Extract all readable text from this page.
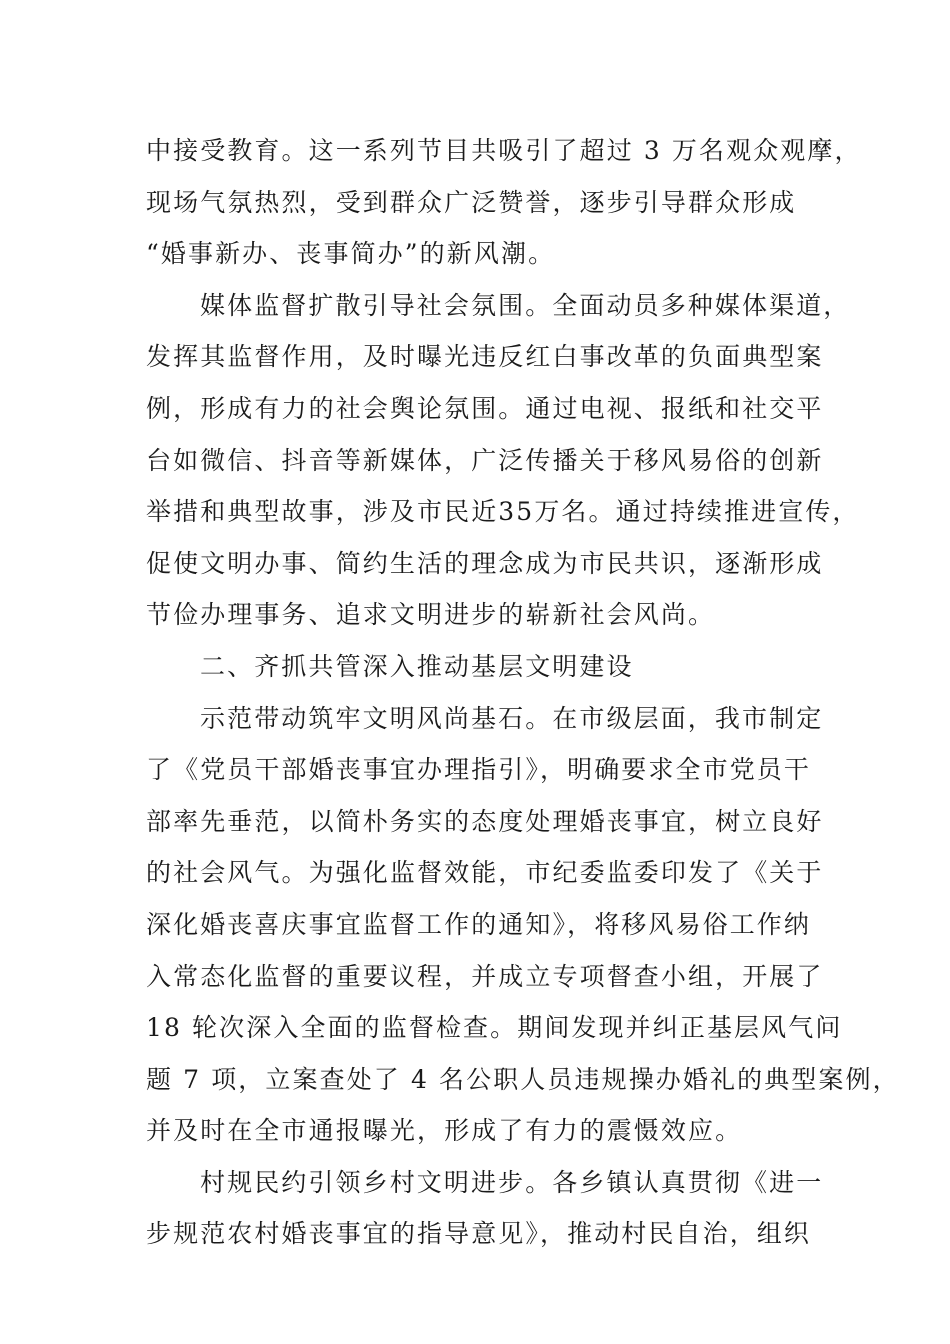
中接受教育。这一系列节目共吸引了超过 3 万名观众观摩，
现场气氛热烈，受到群众广泛赞誉，逐步引导群众形成
“婚事新办、丧事简办”的新风潮。
媒体监督扩散引导社会氛围。全面动员多种媒体渠道，
发挥其监督作用，及时曝光违反红白事改革的负面典型案
例，形成有力的社会舆论氛围。通过电视、报纸和社交平
台如微信、抖音等新媒体，广泛传播关于移风易俗的创新
举措和典型故事，涉及市民近35万名。通过持续推进宣传，
促使文明办事、简约生活的理念成为市民共识，逐渐形成
节俭办理事务、追求文明进步的崭新社会风尚。
二、齐抓共管深入推动基层文明建设
示范带动筑牢文明风尚基石。在市级层面，我市制定
了《党员干部婚丧事宜办理指引》，明确要求全市党员干
部率先垂范，以简朴务实的态度处理婚丧事宜，树立良好
的社会风气。为强化监督效能，市纪委监委印发了《关于
深化婚丧喜庆事宜监督工作的通知》，将移风易俗工作纳
入常态化监督的重要议程，并成立专项督查小组，开展了
18 轮次深入全面的监督检查。期间发现并纠正基层风气问
题 7 项，立案查处了 4 名公职人员违规操办婚礼的典型案例，
并及时在全市通报曝光，形成了有力的震慑效应。
村规民约引领乡村文明进步。各乡镇认真贯彻《进一
步规范农村婚丧事宜的指导意见》，推动村民自治，组织
